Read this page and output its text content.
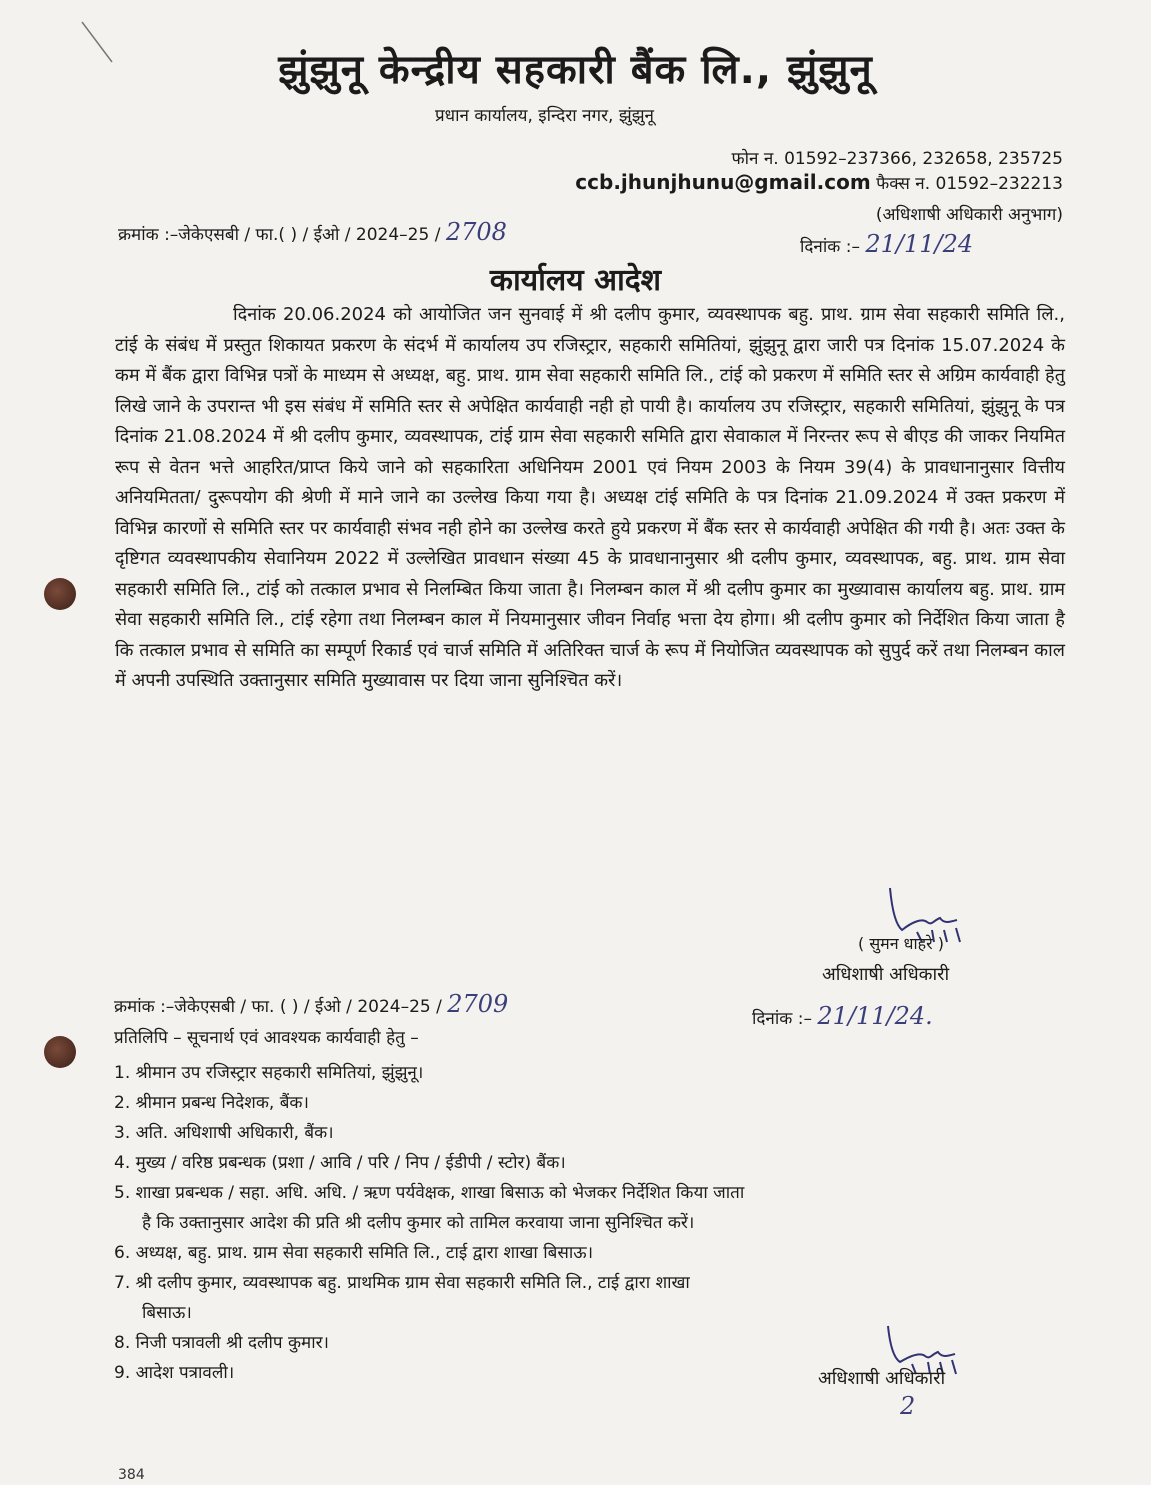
झुंझुनू केन्द्रीय सहकारी बैंक लि., झुंझुनू
प्रधान कार्यालय, इन्दिरा नगर, झुंझुनू
फोन न. 01592–237366, 232658, 235725
ccb.jhunjhunu@gmail.com फैक्स न. 01592–232213
(अधिशाषी अधिकारी अनुभाग)
क्रमांक :–जेकेएसबी / फा.( ) / ईओ / 2024–25 / 2708
दिनांक :– 21/11/24
कार्यालय आदेश
दिनांक 20.06.2024 को आयोजित जन सुनवाई में श्री दलीप कुमार, व्यवस्थापक बहु. प्राथ. ग्राम सेवा सहकारी समिति लि., टांई के संबंध में प्रस्तुत शिकायत प्रकरण के संदर्भ में कार्यालय उप रजिस्ट्रार, सहकारी समितियां, झुंझुनू द्वारा जारी पत्र दिनांक 15.07.2024 के कम में बैंक द्वारा विभिन्न पत्रों के माध्यम से अध्यक्ष, बहु. प्राथ. ग्राम सेवा सहकारी समिति लि., टांई को प्रकरण में समिति स्तर से अग्रिम कार्यवाही हेतु लिखे जाने के उपरान्त भी इस संबंध में समिति स्तर से अपेक्षित कार्यवाही नही हो पायी है। कार्यालय उप रजिस्ट्रार, सहकारी समितियां, झुंझुनू के पत्र दिनांक 21.08.2024 में श्री दलीप कुमार, व्यवस्थापक, टांई ग्राम सेवा सहकारी समिति द्वारा सेवाकाल में निरन्तर रूप से बीएड की जाकर नियमित रूप से वेतन भत्ते आहरित/प्राप्त किये जाने को सहकारिता अधिनियम 2001 एवं नियम 2003 के नियम 39(4) के प्रावधानानुसार वित्तीय अनियमितता/ दुरूपयोग की श्रेणी में माने जाने का उल्लेख किया गया है। अध्यक्ष टांई समिति के पत्र दिनांक 21.09.2024 में उक्त प्रकरण में विभिन्न कारणों से समिति स्तर पर कार्यवाही संभव नही होने का उल्लेख करते हुये प्रकरण में बैंक स्तर से कार्यवाही अपेक्षित की गयी है। अतः उक्त के दृष्टिगत व्यवस्थापकीय सेवानियम 2022 में उल्लेखित प्रावधान संख्या 45 के प्रावधानानुसार श्री दलीप कुमार, व्यवस्थापक, बहु. प्राथ. ग्राम सेवा सहकारी समिति लि., टांई को तत्काल प्रभाव से निलम्बित किया जाता है। निलम्बन काल में श्री दलीप कुमार का मुख्यावास कार्यालय बहु. प्राथ. ग्राम सेवा सहकारी समिति लि., टांई रहेगा तथा निलम्बन काल में नियमानुसार जीवन निर्वाह भत्ता देय होगा। श्री दलीप कुमार को निर्देशित किया जाता है कि तत्काल प्रभाव से समिति का सम्पूर्ण रिकार्ड एवं चार्ज समिति में अतिरिक्त चार्ज के रूप में नियोजित व्यवस्थापक को सुपुर्द करें तथा निलम्बन काल में अपनी उपस्थिति उक्तानुसार समिति मुख्यावास पर दिया जाना सुनिश्चित करें।
( सुमन धाहरे )
अधिशाषी अधिकारी
क्रमांक :–जेकेएसबी / फा. ( ) / ईओ / 2024–25 / 2709
दिनांक :– 21/11/24.
प्रतिलिपि – सूचनार्थ एवं आवश्यक कार्यवाही हेतु –
1. श्रीमान उप रजिस्ट्रार सहकारी समितियां, झुंझुनू।
2. श्रीमान प्रबन्ध निदेशक, बैंक।
3. अति. अधिशाषी अधिकारी, बैंक।
4. मुख्य / वरिष्ठ प्रबन्धक (प्रशा / आवि / परि / निप / ईडीपी / स्टोर) बैंक।
5. शाखा प्रबन्धक / सहा. अधि. अधि. / ऋण पर्यवेक्षक, शाखा बिसाऊ को भेजकर निर्देशित किया जाता
है कि उक्तानुसार आदेश की प्रति श्री दलीप कुमार को तामिल करवाया जाना सुनिश्चित करें।
6. अध्यक्ष, बहु. प्राथ. ग्राम सेवा सहकारी समिति लि., टाई द्वारा शाखा बिसाऊ।
7. श्री दलीप कुमार, व्यवस्थापक बहु. प्राथमिक ग्राम सेवा सहकारी समिति लि., टाई द्वारा शाखा
बिसाऊ।
8. निजी पत्रावली श्री दलीप कुमार।
9. आदेश पत्रावली।	अधिशाषी अधिकारी
2
384
